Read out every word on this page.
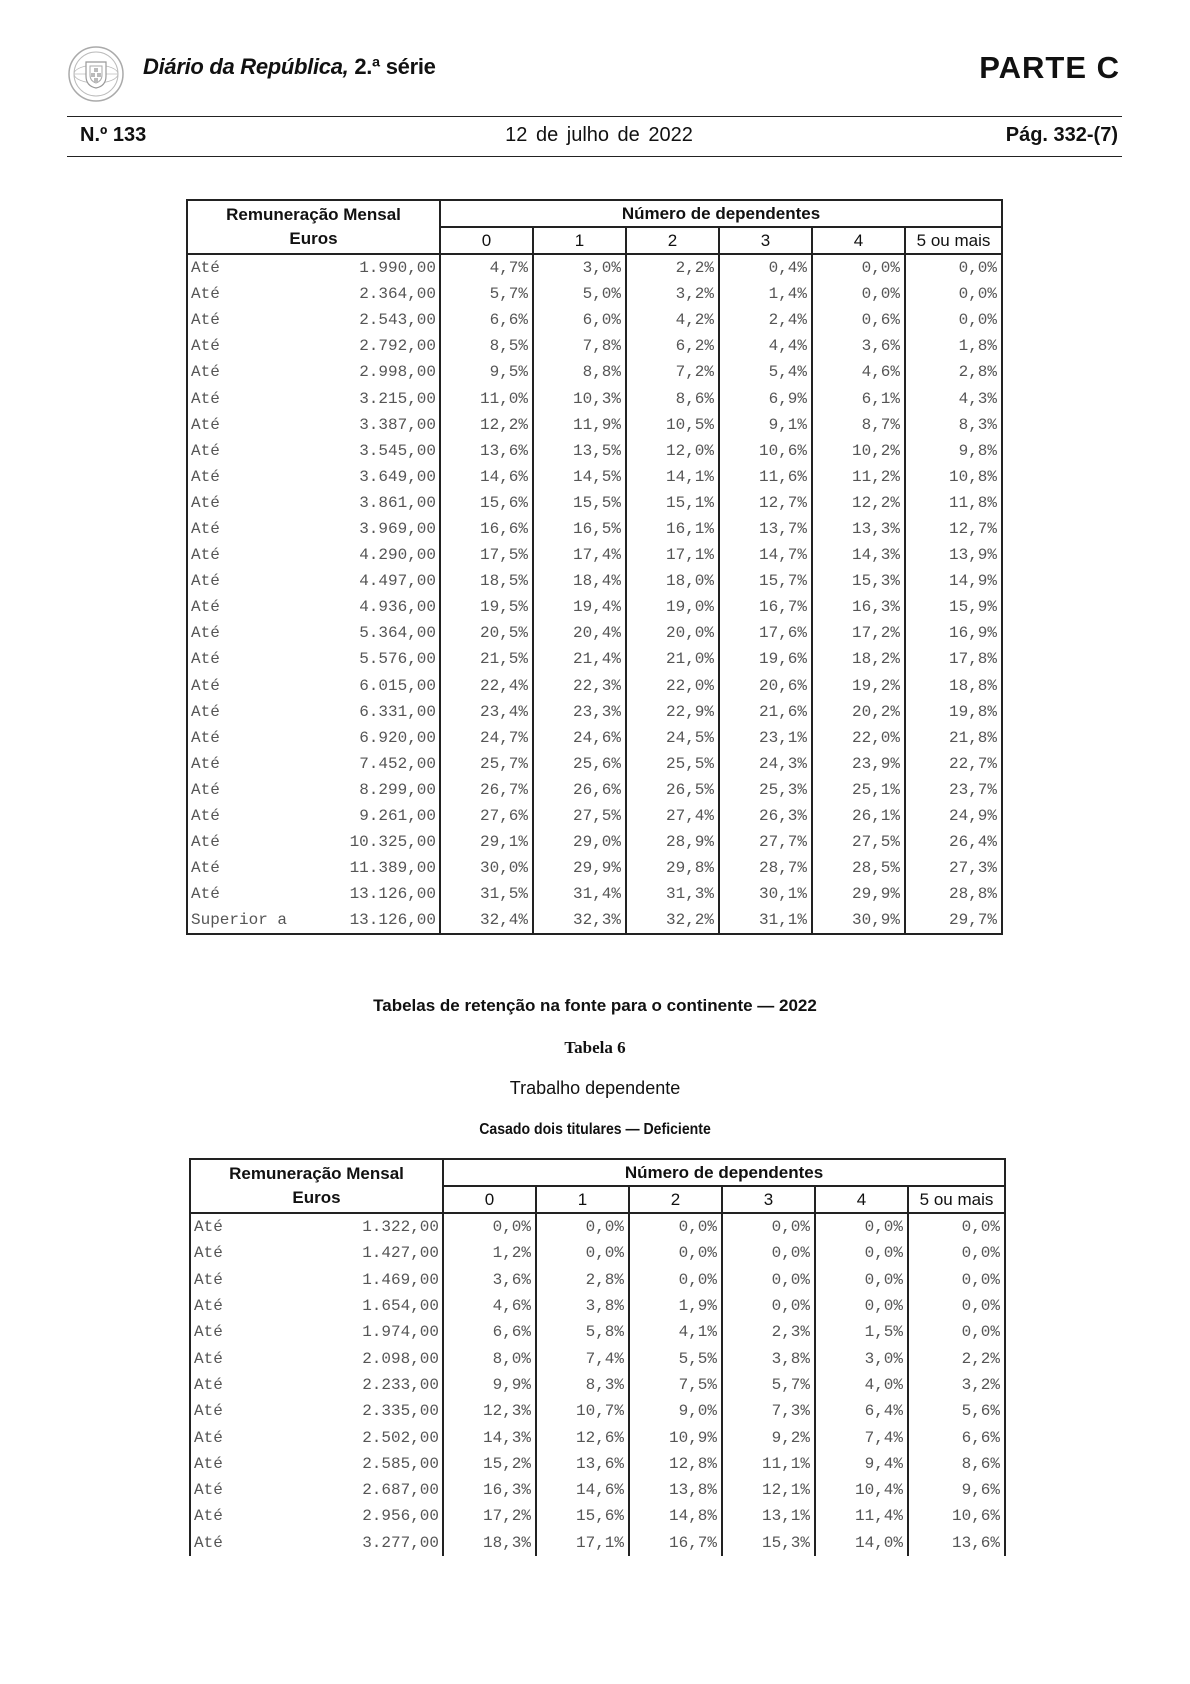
Diário da República, 2.ª série	PARTE C
N.º 133	12 de julho de 2022	Pág. 332-(7)
Remuneração Mensal
Euros	Número de dependentes					
	0	1	2	3	4	5 ou mais

Até 1.990,00	4,7%	3,0%	2,2%	0,4%	0,0%	0,0%

Até 2.364,00	5,7%	5,0%	3,2%	1,4%	0,0%	0,0%

Até 2.543,00	6,6%	6,0%	4,2%	2,4%	0,6%	0,0%

Até 2.792,00	8,5%	7,8%	6,2%	4,4%	3,6%	1,8%

Até 2.998,00	9,5%	8,8%	7,2%	5,4%	4,6%	2,8%

Até 3.215,00	11,0%	10,3%	8,6%	6,9%	6,1%	4,3%

Até 3.387,00	12,2%	11,9%	10,5%	9,1%	8,7%	8,3%

Até 3.545,00	13,6%	13,5%	12,0%	10,6%	10,2%	9,8%

Até 3.649,00	14,6%	14,5%	14,1%	11,6%	11,2%	10,8%

Até 3.861,00	15,6%	15,5%	15,1%	12,7%	12,2%	11,8%

Até 3.969,00	16,6%	16,5%	16,1%	13,7%	13,3%	12,7%

Até 4.290,00	17,5%	17,4%	17,1%	14,7%	14,3%	13,9%

Até 4.497,00	18,5%	18,4%	18,0%	15,7%	15,3%	14,9%

Até 4.936,00	19,5%	19,4%	19,0%	16,7%	16,3%	15,9%

Até 5.364,00	20,5%	20,4%	20,0%	17,6%	17,2%	16,9%

Até 5.576,00	21,5%	21,4%	21,0%	19,6%	18,2%	17,8%

Até 6.015,00	22,4%	22,3%	22,0%	20,6%	19,2%	18,8%

Até 6.331,00	23,4%	23,3%	22,9%	21,6%	20,2%	19,8%

Até 6.920,00	24,7%	24,6%	24,5%	23,1%	22,0%	21,8%

Até 7.452,00	25,7%	25,6%	25,5%	24,3%	23,9%	22,7%

Até 8.299,00	26,7%	26,6%	26,5%	25,3%	25,1%	23,7%

Até 9.261,00	27,6%	27,5%	27,4%	26,3%	26,1%	24,9%

Até 10.325,00	29,1%	29,0%	28,9%	27,7%	27,5%	26,4%

Até 11.389,00	30,0%	29,9%	29,8%	28,7%	28,5%	27,3%

Até 13.126,00	31,5%	31,4%	31,3%	30,1%	29,9%	28,8%

Superior a 13.126,00	32,4%	32,3%	32,2%	31,1%	30,9%	29,7%
Tabelas de retenção na fonte para o continente — 2022
Tabela 6
Trabalho dependente
Casado dois titulares — Deficiente
Remuneração Mensal
Euros	Número de dependentes					
	0	1	2	3	4	5 ou mais

Até 1.322,00	0,0%	0,0%	0,0%	0,0%	0,0%	0,0%

Até 1.427,00	1,2%	0,0%	0,0%	0,0%	0,0%	0,0%

Até 1.469,00	3,6%	2,8%	0,0%	0,0%	0,0%	0,0%

Até 1.654,00	4,6%	3,8%	1,9%	0,0%	0,0%	0,0%

Até 1.974,00	6,6%	5,8%	4,1%	2,3%	1,5%	0,0%

Até 2.098,00	8,0%	7,4%	5,5%	3,8%	3,0%	2,2%

Até 2.233,00	9,9%	8,3%	7,5%	5,7%	4,0%	3,2%

Até 2.335,00	12,3%	10,7%	9,0%	7,3%	6,4%	5,6%

Até 2.502,00	14,3%	12,6%	10,9%	9,2%	7,4%	6,6%

Até 2.585,00	15,2%	13,6%	12,8%	11,1%	9,4%	8,6%

Até 2.687,00	16,3%	14,6%	13,8%	12,1%	10,4%	9,6%

Até 2.956,00	17,2%	15,6%	14,8%	13,1%	11,4%	10,6%

Até 3.277,00	18,3%	17,1%	16,7%	15,3%	14,0%	13,6%
